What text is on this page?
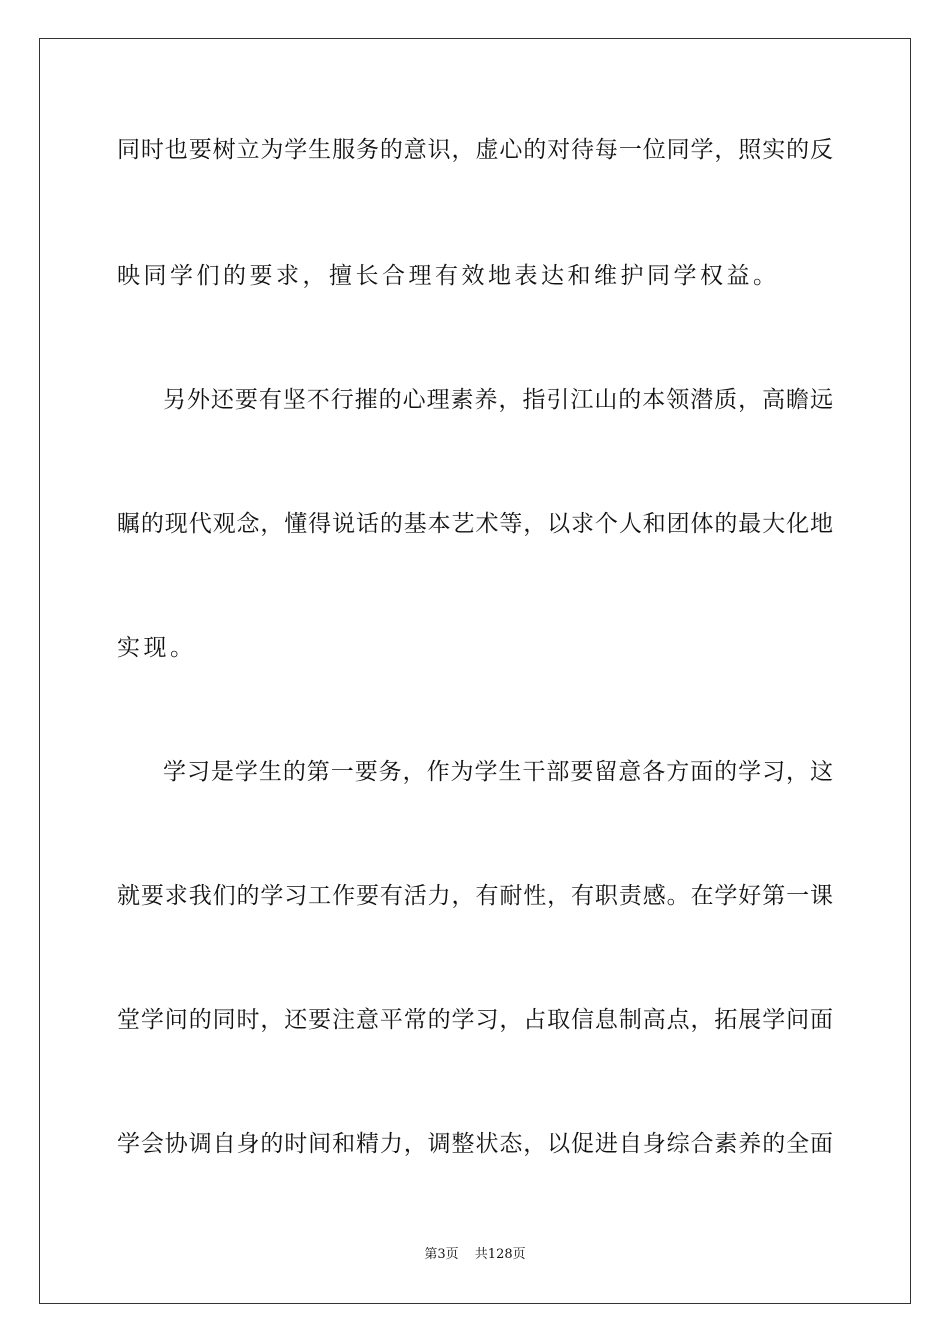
同时也要树立为学生服务的意识，虚心的对待每一位同学，照实的反
映同学们的要求，擅长合理有效地表达和维护同学权益。
另外还要有坚不行摧的心理素养，指引江山的本领潜质，高瞻远
瞩的现代观念，懂得说话的基本艺术等，以求个人和团体的最大化地
实现。
学习是学生的第一要务，作为学生干部要留意各方面的学习，这
就要求我们的学习工作要有活力，有耐性，有职责感。在学好第一课
堂学问的同时，还要注意平常的学习，占取信息制高点，拓展学问面
学会协调自身的时间和精力，调整状态，以促进自身综合素养的全面
第3页 共128页
